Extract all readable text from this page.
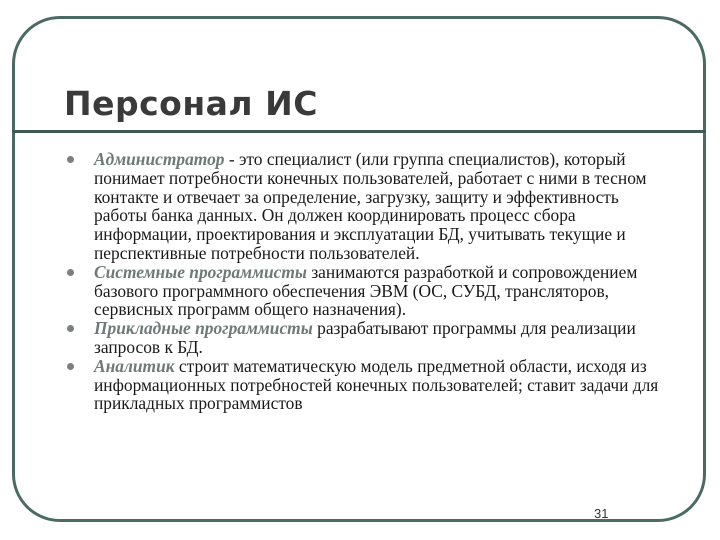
Персонал ИС
Администратор - это специалист (или группа специалистов), который понимает потребности конечных пользователей, работает с ними в тесном контакте и отвечает за определение, загрузку, защиту и эффективность работы банка данных. Он должен координировать процесс сбора информации, проектирования и эксплуатации БД, учитывать текущие и перспективные потребности пользователей.
Системные программисты занимаются разработкой и сопровождением базового программного обеспечения ЭВМ (ОС, СУБД, трансляторов, сервисных программ общего назначения).
Прикладные программисты разрабатывают программы для реализации запросов к БД.
Аналитик строит математическую модель предметной области, исходя из информационных потребностей конечных пользователей; ставит задачи для прикладных программистов
31
